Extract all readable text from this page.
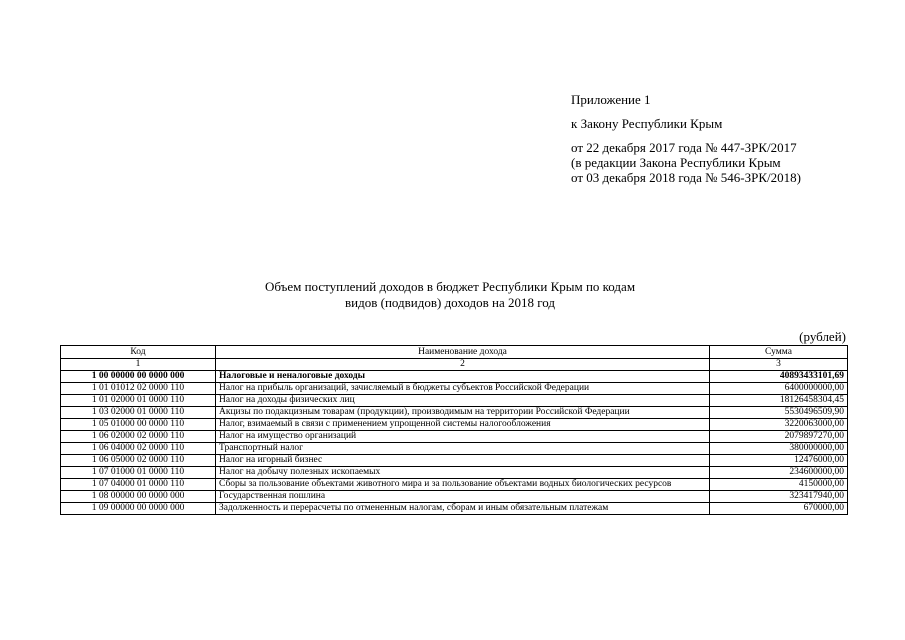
Приложение 1
к Закону Республики Крым
от 22 декабря 2017 года № 447-ЗРК/2017
(в редакции Закона Республики Крым
от 03 декабря 2018 года № 546-ЗРК/2018)
Объем поступлений доходов в бюджет Республики Крым по кодам
видов (подвидов) доходов на 2018 год
(рублей)
Код	Наименование дохода	Сумма
1	2	3
1 00 00000 00 0000 000	Налоговые и неналоговые доходы	40893433101,69
1 01 01012 02 0000 110	Налог на прибыль организаций, зачисляемый в бюджеты субъектов Российской Федерации	6400000000,00
1 01 02000 01 0000 110	Налог на доходы физических лиц	18126458304,45
1 03 02000 01 0000 110	Акцизы по подакцизным товарам (продукции), производимым на территории Российской Федерации	5530496509,90
1 05 01000 00 0000 110	Налог, взимаемый в связи с применением упрощенной системы налогообложения	3220063000,00
1 06 02000 02 0000 110	Налог на имущество организаций	2079897270,00
1 06 04000 02 0000 110	Транспортный налог	380000000,00
1 06 05000 02 0000 110	Налог на игорный бизнес	12476000,00
1 07 01000 01 0000 110	Налог на добычу полезных ископаемых	234600000,00
1 07 04000 01 0000 110	Сборы за пользование объектами животного мира и за пользование объектами водных биологических ресурсов	4150000,00
1 08 00000 00 0000 000	Государственная пошлина	323417940,00
1 09 00000 00 0000 000	Задолженность и перерасчеты по отмененным налогам, сборам и иным обязательным платежам	670000,00
